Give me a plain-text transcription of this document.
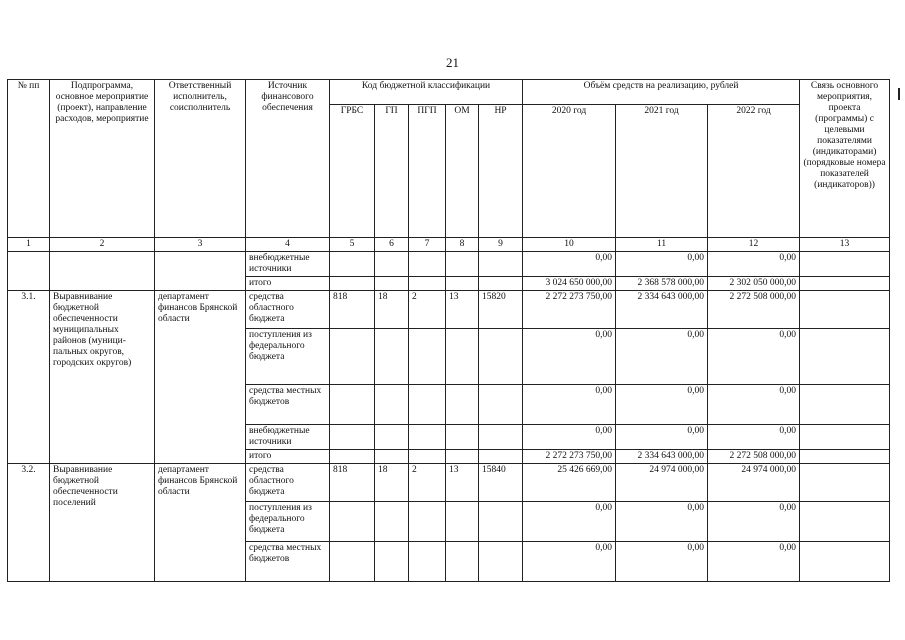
21
№ пп	Подпрограмма, основное мероприятие (проект), направление расходов, мероприятие	Ответственный исполнитель, соисполнитель	Источник финансового обеспечения	Код бюджетной классификации					Объём средств на реализацию, рублей			Связь основного мероприятия, проекта (программы) с целевыми показателями (индикаторами) (порядковые номера показателей (индикаторов))
				ГРБС	ГП	ПГП	ОМ	НР	2020 год	2021 год	2022 год	
1	2	3	4	5	6	7	8	9	10	11	12	13
			внебюджетные источники						0,00	0,00	0,00	
			итого						3 024 650 000,00	2 368 578 000,00	2 302 050 000,00	
3.1.	Выравнивание бюджетной обеспеченности муниципальных районов (муници-пальных округов, городских округов)	департамент финансов Брянской области	средства областного бюджета	818	18	2	13	15820	2 272 273 750,00	2 334 643 000,00	2 272 508 000,00	
			поступления из федерального бюджета						0,00	0,00	0,00	
			средства местных бюджетов						0,00	0,00	0,00	
			внебюджетные источники						0,00	0,00	0,00	
			итого						2 272 273 750,00	2 334 643 000,00	2 272 508 000,00	
3.2.	Выравнивание бюджетной обеспеченности поселений	департамент финансов Брянской области	средства областного бюджета	818	18	2	13	15840	25 426 669,00	24 974 000,00	24 974 000,00	
			поступления из федерального бюджета						0,00	0,00	0,00	
			средства местных бюджетов						0,00	0,00	0,00	
